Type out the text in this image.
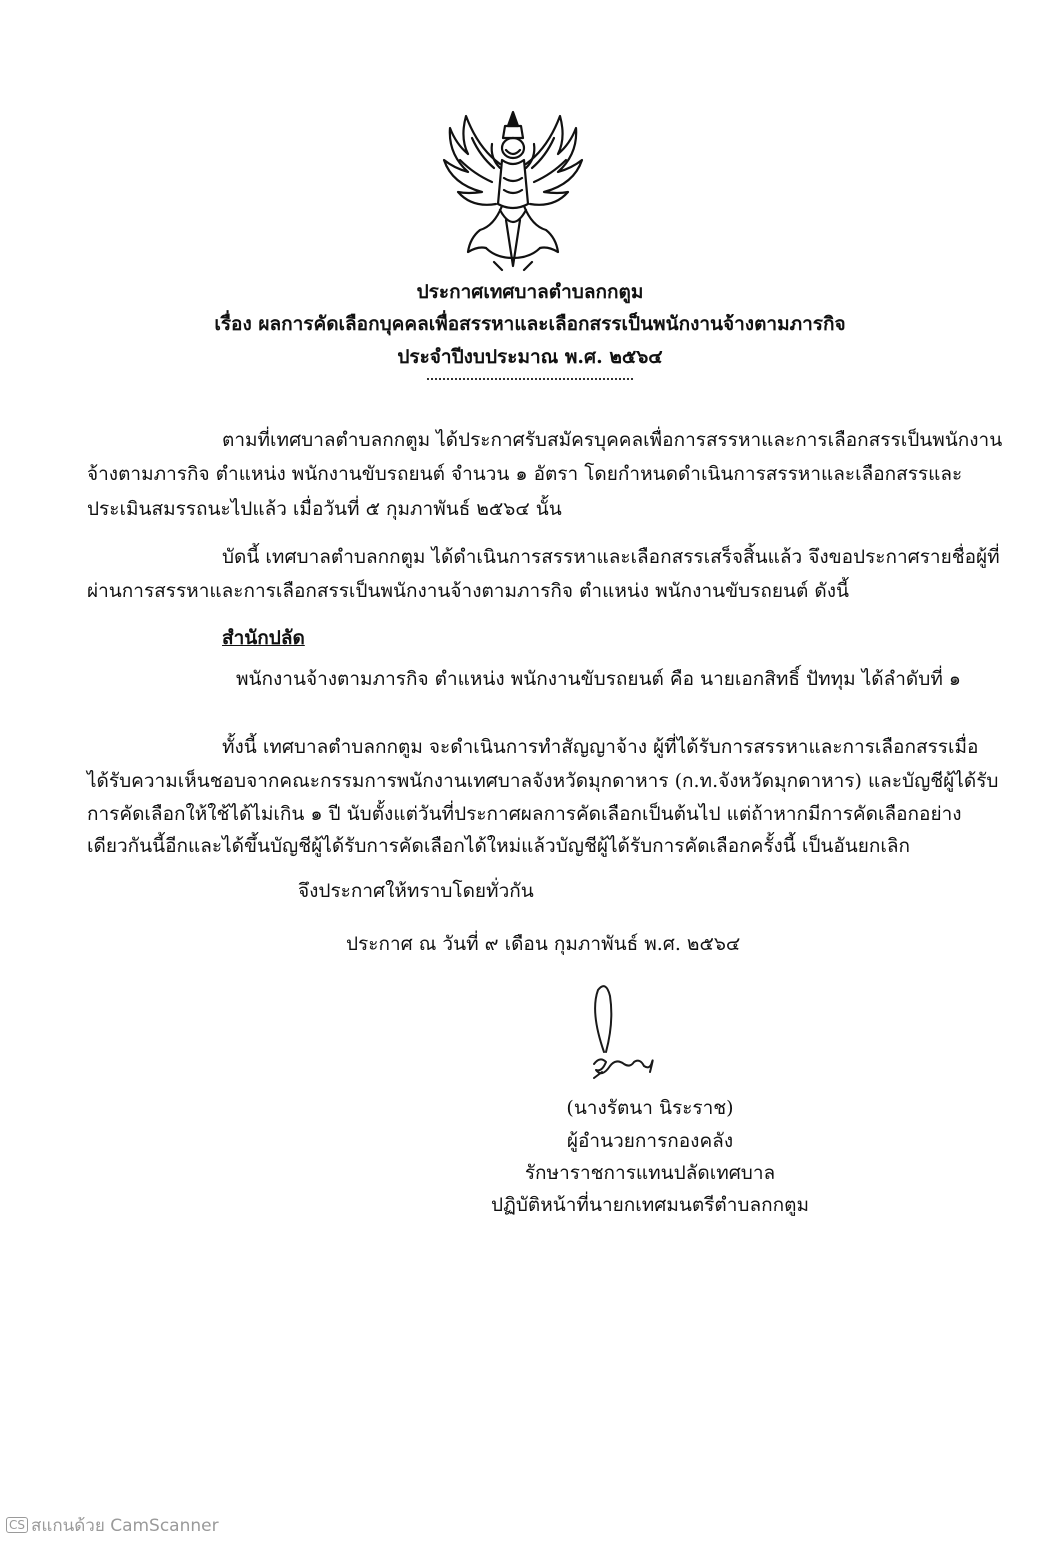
ประกาศเทศบาลตำบลกกตูม
เรื่อง ผลการคัดเลือกบุคคลเพื่อสรรหาและเลือกสรรเป็นพนักงานจ้างตามภารกิจ
ประจำปีงบประมาณ พ.ศ. ๒๕๖๔
ตามที่เทศบาลตำบลกกตูม ได้ประกาศรับสมัครบุคคลเพื่อการสรรหาและการเลือกสรรเป็นพนักงาน
จ้างตามภารกิจ ตำแหน่ง พนักงานขับรถยนต์ จำนวน ๑ อัตรา โดยกำหนดดำเนินการสรรหาและเลือกสรรและ
ประเมินสมรรถนะไปแล้ว เมื่อวันที่ ๕ กุมภาพันธ์ ๒๕๖๔ นั้น
บัดนี้ เทศบาลตำบลกกตูม ได้ดำเนินการสรรหาและเลือกสรรเสร็จสิ้นแล้ว จึงขอประกาศรายชื่อผู้ที่
ผ่านการสรรหาและการเลือกสรรเป็นพนักงานจ้างตามภารกิจ ตำแหน่ง พนักงานขับรถยนต์ ดังนี้
สำนักปลัด
พนักงานจ้างตามภารกิจ ตำแหน่ง พนักงานขับรถยนต์ คือ นายเอกสิทธิ์ ปัททุม ได้ลำดับที่ ๑
ทั้งนี้ เทศบาลตำบลกกตูม จะดำเนินการทำสัญญาจ้าง ผู้ที่ได้รับการสรรหาและการเลือกสรรเมื่อ
ได้รับความเห็นชอบจากคณะกรรมการพนักงานเทศบาลจังหวัดมุกดาหาร (ก.ท.จังหวัดมุกดาหาร) และบัญชีผู้ได้รับ
การคัดเลือกให้ใช้ได้ไม่เกิน ๑ ปี นับตั้งแต่วันที่ประกาศผลการคัดเลือกเป็นต้นไป แต่ถ้าหากมีการคัดเลือกอย่าง
เดียวกันนี้อีกและได้ขึ้นบัญชีผู้ได้รับการคัดเลือกได้ใหม่แล้วบัญชีผู้ได้รับการคัดเลือกครั้งนี้ เป็นอันยกเลิก
จึงประกาศให้ทราบโดยทั่วกัน
ประกาศ ณ วันที่ ๙ เดือน กุมภาพันธ์ พ.ศ. ๒๕๖๔
(นางรัตนา นิระราช)
ผู้อำนวยการกองคลัง
รักษาราชการแทนปลัดเทศบาล
ปฏิบัติหน้าที่นายกเทศมนตรีตำบลกกตูม
CS สแกนด้วย CamScanner
